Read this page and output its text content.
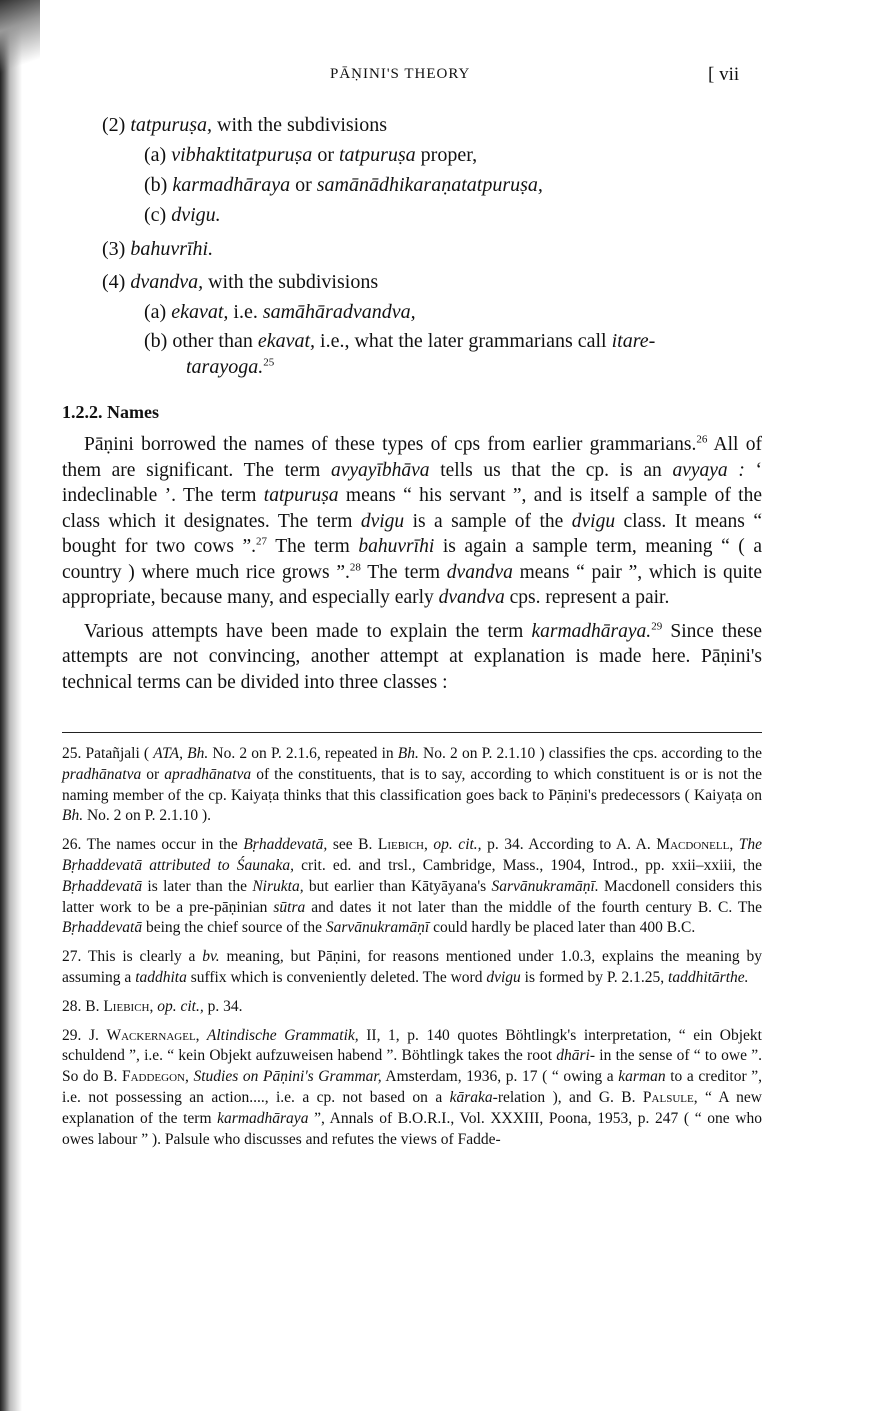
PĀṆINI'S THEORY	[ vii
(2) tatpuruṣa, with the subdivisions
(a) vibhaktitatpuruṣa or tatpuruṣa proper,
(b) karmadhāraya or samānādhikaraṇatatpuruṣa,
(c) dvigu.
(3) bahuvrīhi.
(4) dvandva, with the subdivisions
(a) ekavat, i.e. samāhāradvandva,
(b) other than ekavat, i.e., what the later grammarians call itare-
tarayoga.$^{25}$
1.2.2. Names

Pāṇini borrowed the names of these types of cps from earlier grammarians.$^{26}$ All of them are significant. The term avyayībhāva tells us that the cp. is an avyaya : ‘ indeclinable ’. The term tatpuruṣa means “ his servant ”, and is itself a sample of the class which it designates. The term dvigu is a sample of the dvigu class. It means “ bought for two cows ”.$^{27}$ The term bahuvrīhi is again a sample term, meaning “ ( a country ) where much rice grows ”.$^{28}$ The term dvandva means “ pair ”, which is quite appropriate, because many, and especially early dvandva cps. represent a pair.

Various attempts have been made to explain the term karmadhāraya.$^{29}$ Since these attempts are not convincing, another attempt at explanation is made here. Pāṇini's technical terms can be divided into three classes :

25. Patañjali ( ATA, Bh. No. 2 on P. 2.1.6, repeated in Bh. No. 2 on P. 2.1.10 ) classifies the cps. according to the pradhānatva or apradhānatva of the constituents, that is to say, according to which constituent is or is not the naming member of the cp. Kaiyaṭa thinks that this classification goes back to Pāṇini's predecessors ( Kaiyaṭa on Bh. No. 2 on P. 2.1.10 ).

26. The names occur in the Bṛhaddevatā, see B. Liebich, op. cit., p. 34. According to A. A. Macdonell, The Bṛhaddevatā attributed to Śaunaka, crit. ed. and trsl., Cambridge, Mass., 1904, Introd., pp. xxii–xxiii, the Bṛhaddevatā is later than the Nirukta, but earlier than Kātyāyana's Sarvānukramāṇī. Macdonell considers this latter work to be a pre-pāṇinian sūtra and dates it not later than the middle of the fourth century B. C. The Bṛhaddevatā being the chief source of the Sarvānukramāṇī could hardly be placed later than 400 B.C.

27. This is clearly a bv. meaning, but Pāṇini, for reasons mentioned under 1.0.3, explains the meaning by assuming a taddhita suffix which is conveniently deleted. The word dvigu is formed by P. 2.1.25, taddhitārthe.

28. B. Liebich, op. cit., p. 34.

29. J. Wackernagel, Altindische Grammatik, II, 1, p. 140 quotes Böhtlingk's interpretation, “ ein Objekt schuldend ”, i.e. “ kein Objekt aufzuweisen habend ”. Böhtlingk takes the root dhāri- in the sense of “ to owe ”. So do B. Faddegon, Studies on Pāṇini's Grammar, Amsterdam, 1936, p. 17 ( “ owing a karman to a creditor ”, i.e. not possessing an action...., i.e. a cp. not based on a kāraka-relation ), and G. B. Palsule, “ A new explanation of the term karmadhāraya ”, Annals of B.O.R.I., Vol. XXXIII, Poona, 1953, p. 247 ( “ one who owes labour ” ). Palsule who discusses and refutes the views of Fadde-
